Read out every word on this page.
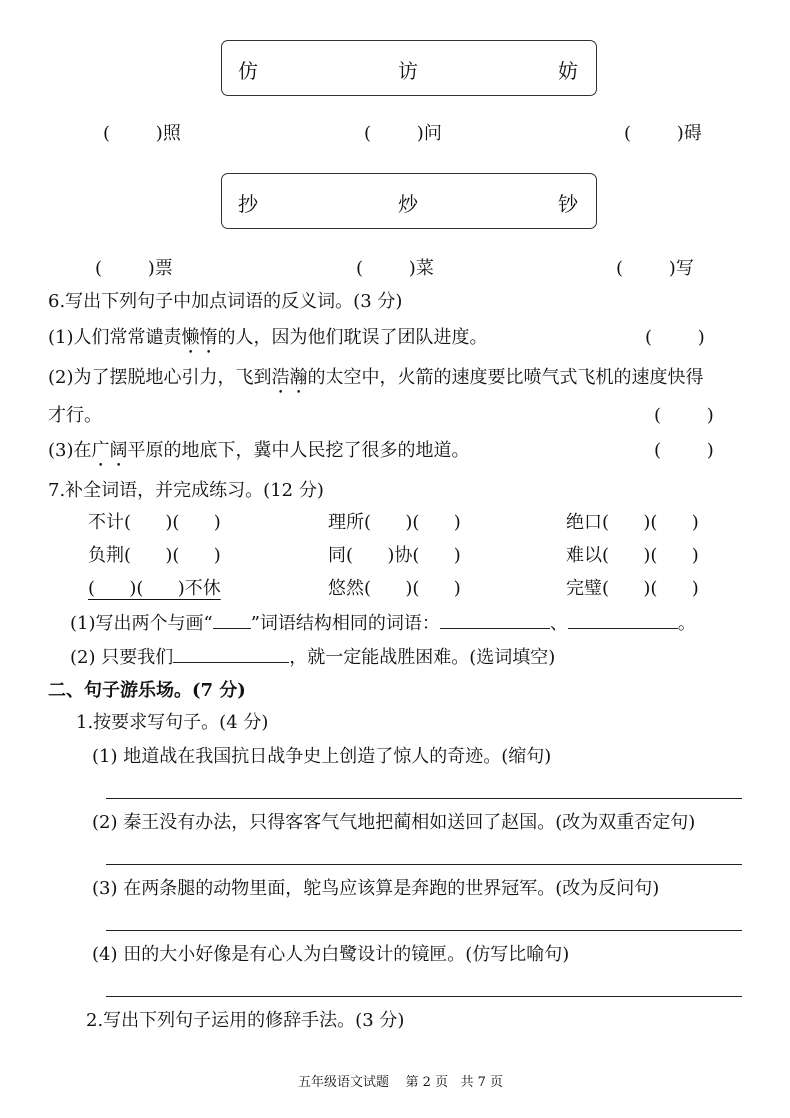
仿	访	妨
(        )照	(        )问	(        )碍
抄	炒	钞
(        )票	(        )菜	(        )写
6.写出下列句子中加点词语的反义词。(3 分)
(1)人们常常谴责懒惰的人，因为他们耽误了团队进度。	(        )
(2)为了摆脱地心引力，飞到浩瀚的太空中，火箭的速度要比喷气式飞机的速度快得
才行。	(        )
(3)在广阔平原的地底下，冀中人民挖了很多的地道。	(        )
7.补全词语，并完成练习。(12 分)
不计(      )(      )	理所(      )(      )	绝口(      )(      )
负荆(      )(      )	同(      )协(      )	难以(      )(      )
(      )(      )不休	悠然(      )(      )	完璧(      )(      )
(1)写出两个与画“ ”词语结构相同的词语：	、	。
(2) 只要我们	，就一定能战胜困难。(选词填空)
二、句子游乐场。(7 分)
1.按要求写句子。(4 分)
(1) 地道战在我国抗日战争史上创造了惊人的奇迹。(缩句)
(2) 秦王没有办法，只得客客气气地把蔺相如送回了赵国。(改为双重否定句)
(3) 在两条腿的动物里面，鸵鸟应该算是奔跑的世界冠军。(改为反问句)
(4) 田的大小好像是有心人为白鹭设计的镜匣。(仿写比喻句)
2.写出下列句子运用的修辞手法。(3 分)
五年级语文试题 第 2 页 共 7 页
